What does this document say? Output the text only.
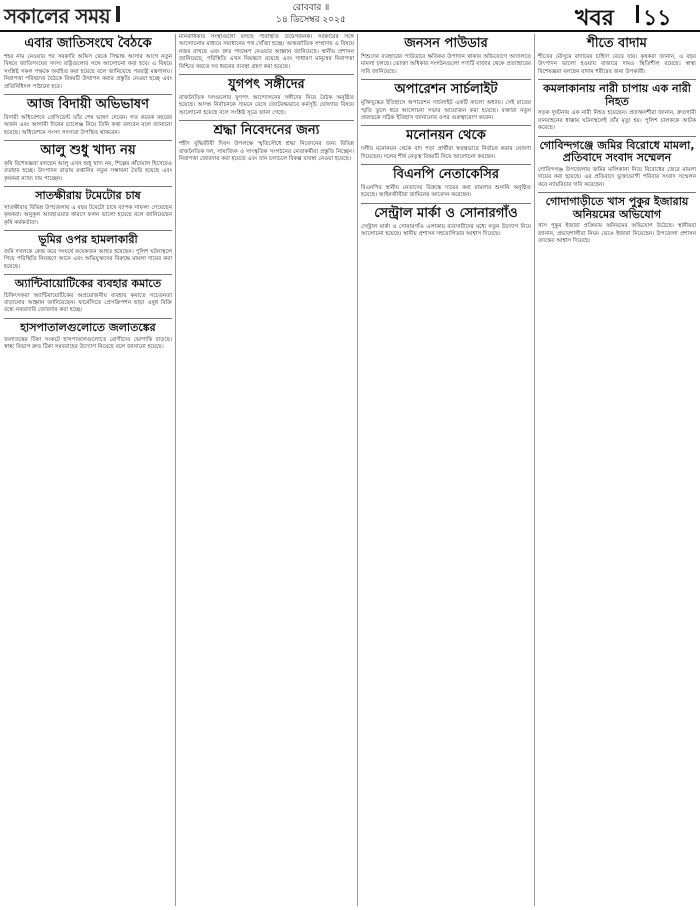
সকালের সময়	রোববার ॥
১৪ ডিসেম্বর ২০২৫	খবর ১১
এবার জাতিসংঘে বৈঠকে

শহর নাম নেওয়ার পর সরকারি অফিস থেকে সিদ্ধান্ত আসার আগে নতুন বিষয়ে জাতিসংঘের সদস্য রাষ্ট্রগুলোর সঙ্গে আলোচনা করা হবে। এ বিষয়ে সংশ্লিষ্ট সকল পক্ষকে অবহিত করা হয়েছে বলে জানিয়েছে পররাষ্ট্র মন্ত্রণালয়। নিরাপত্তা পরিষদের বৈঠকে বিষয়টি উত্থাপন করার প্রস্তুতি নেওয়া হচ্ছে এবং প্রতিনিধিদল পাঠানো হবে।

আজ বিদায়ী অভিভাষণ

বিদায়ী অধিবেশনে প্রেসিডেন্ট তাঁর শেষ ভাষণ দেবেন। গত কয়েক বছরের অর্জন এবং আগামী দিনের চ্যালেঞ্জ নিয়ে তিনি কথা বলবেন বলে জানানো হয়েছে। অধিবেশনে সংসদ সদস্যরা উপস্থিত থাকবেন।

আলু শুধু খাদ্য নয়

কৃষি বিশেষজ্ঞরা বলছেন আলু এখন শুধু খাদ্য নয়, শিল্পের কাঁচামাল হিসেবেও ব্যবহার হচ্ছে। উৎপাদন বাড়ায় রপ্তানির নতুন সম্ভাবনা তৈরি হয়েছে এবং কৃষকরা ন্যায্য দাম পাচ্ছেন।

সাতক্ষীরায় টমেটোর চাষ

সাতক্ষীরার বিভিন্ন উপজেলায় এ বছর টমেটো চাষে ব্যাপক সাফল্য পেয়েছেন কৃষকরা। অনুকূল আবহাওয়ার কারণে ফলন ভালো হয়েছে বলে জানিয়েছেন কৃষি কর্মকর্তারা।

ভূমির ওপর হামলাকারী

জমি দখলকে কেন্দ্র করে সংঘর্ষে কয়েকজন আহত হয়েছেন। পুলিশ ঘটনাস্থলে গিয়ে পরিস্থিতি নিয়ন্ত্রণে আনে এবং অভিযুক্তদের বিরুদ্ধে মামলা দায়ের করা হয়েছে।

অ্যান্টিবায়োটিকের ব্যবহার কমাতে

চিকিৎসকরা অ্যান্টিবায়োটিকের অপ্রয়োজনীয় ব্যবহার কমাতে সচেতনতা বাড়ানোর আহ্বান জানিয়েছেন। ফার্মেসিতে প্রেসক্রিপশন ছাড়া ওষুধ বিক্রি বন্ধে নজরদারি জোরদার করা হচ্ছে।

হাসপাতালগুলোতে জলাতঙ্কের

জলাতঙ্কের টিকা সংকটে হাসপাতালগুলোতে রোগীদের ভোগান্তি বাড়ছে। স্বাস্থ্য বিভাগ দ্রুত টিকা সরবরাহের উদ্যোগ নিয়েছে বলে জানানো হয়েছে।

মানবাধিকার সংস্থাগুলো বলছে পরিস্থিতি উদ্বেগজনক। সরকারের সঙ্গে আলোচনার মাধ্যমে সমাধানের পথ খোঁজা হচ্ছে। আন্তর্জাতিক সম্প্রদায় এ বিষয়ে নজর রাখছে এবং দ্রুত পদক্ষেপ নেওয়ার আহ্বান জানিয়েছে। স্থানীয় প্রশাসন জানিয়েছে, পরিস্থিতি এখন নিয়ন্ত্রণে রয়েছে এবং সাধারণ মানুষের নিরাপত্তা নিশ্চিত করতে সব ধরনের ব্যবস্থা গ্রহণ করা হয়েছে।

যুগপৎ সঙ্গীদের

রাজনৈতিক দলগুলোর যুগপৎ আন্দোলনের সঙ্গীদের নিয়ে বৈঠক অনুষ্ঠিত হয়েছে। আসন্ন নির্বাচনকে সামনে রেখে জোটবদ্ধভাবে কর্মসূচি ঘোষণার বিষয়ে আলোচনা হয়েছে বলে সংশ্লিষ্ট সূত্রে জানা গেছে।

শ্রদ্ধা নিবেদনের জন্য

শহীদ বুদ্ধিজীবী দিবস উপলক্ষে স্মৃতিসৌধে শ্রদ্ধা নিবেদনের জন্য বিভিন্ন রাজনৈতিক দল, সামাজিক ও সাংস্কৃতিক সংগঠনের নেতাকর্মীরা প্রস্তুতি নিচ্ছেন। নিরাপত্তা জোরদার করা হয়েছে এবং যান চলাচলে বিকল্প ব্যবস্থা নেওয়া হয়েছে।

জনসন পাউডার

শিশুদের ব্যবহারের পাউডারে ক্ষতিকর উপাদান থাকার অভিযোগে আদালতে মামলা চলছে। ভোক্তা অধিকার সংগঠনগুলো পণ্যটি বাজার থেকে প্রত্যাহারের দাবি জানিয়েছে।

অপারেশন সার্চলাইট

মুক্তিযুদ্ধের ইতিহাসে অপারেশন সার্চলাইট একটি কালো অধ্যায়। সেই রাতের স্মৃতি তুলে ধরে আলোচনা সভার আয়োজন করা হয়েছে। বক্তারা নতুন প্রজন্মকে সঠিক ইতিহাস জানানোর ওপর গুরুত্বারোপ করেন।

মনোনয়ন থেকে

দলীয় মনোনয়ন থেকে বাদ পড়া প্রার্থীরা স্বতন্ত্রভাবে নির্বাচন করার ঘোষণা দিয়েছেন। দলের শীর্ষ নেতৃত্ব বিষয়টি নিয়ে আলোচনা করছেন।

বিএনপি নেতাকেসির

বিএনপির স্থানীয় নেতাদের বিরুদ্ধে দায়ের করা মামলার শুনানি অনুষ্ঠিত হয়েছে। আইনজীবীরা জামিনের আবেদন করেছেন।

সেন্ট্রাল মার্কা ও সোনারগাঁও

সেন্ট্রাল মার্কা ও সোনারগাঁও এলাকায় ব্যবসায়ীদের মধ্যে নতুন উদ্যোগ নিয়ে আলোচনা হয়েছে। স্থানীয় প্রশাসন সহযোগিতার আশ্বাস দিয়েছে।

শীতে বাদাম

শীতের মৌসুমে বাদামের চাহিদা বেড়ে যায়। কৃষকরা জানান, এ বছর উৎপাদন ভালো হওয়ায় বাজারে দামও স্থিতিশীল রয়েছে। স্বাস্থ্য বিশেষজ্ঞরা বলছেন বাদাম শরীরের জন্য উপকারী।

কমলাকানায় নারী চাপায় এক নারী নিহত

সড়ক দুর্ঘটনায় এক নারী নিহত হয়েছেন। প্রত্যক্ষদর্শীরা জানান, দ্রুতগামী যানবাহনের ধাক্কায় ঘটনাস্থলেই তাঁর মৃত্যু হয়। পুলিশ চালককে আটক করেছে।

গোবিন্দগঞ্জে জমির বিরোধে মামলা, প্রতিবাদে সংবাদ সম্মেলন

গোবিন্দগঞ্জ উপজেলায় জমির মালিকানা নিয়ে বিরোধের জেরে মামলা দায়ের করা হয়েছে। এর প্রতিবাদে ভুক্তভোগী পরিবার সংবাদ সম্মেলন করে ন্যায়বিচার দাবি করেছেন।

গোদাগাড়ীতে খাস পুকুর ইজারায় অনিয়মের অভিযোগ

খাস পুকুর ইজারা প্রক্রিয়ায় অনিয়মের অভিযোগ উঠেছে। স্থানীয়রা জানান, প্রভাবশালীরা নিয়ম ভেঙে ইজারা নিয়েছেন। উপজেলা প্রশাসন তদন্তের আশ্বাস দিয়েছে।
